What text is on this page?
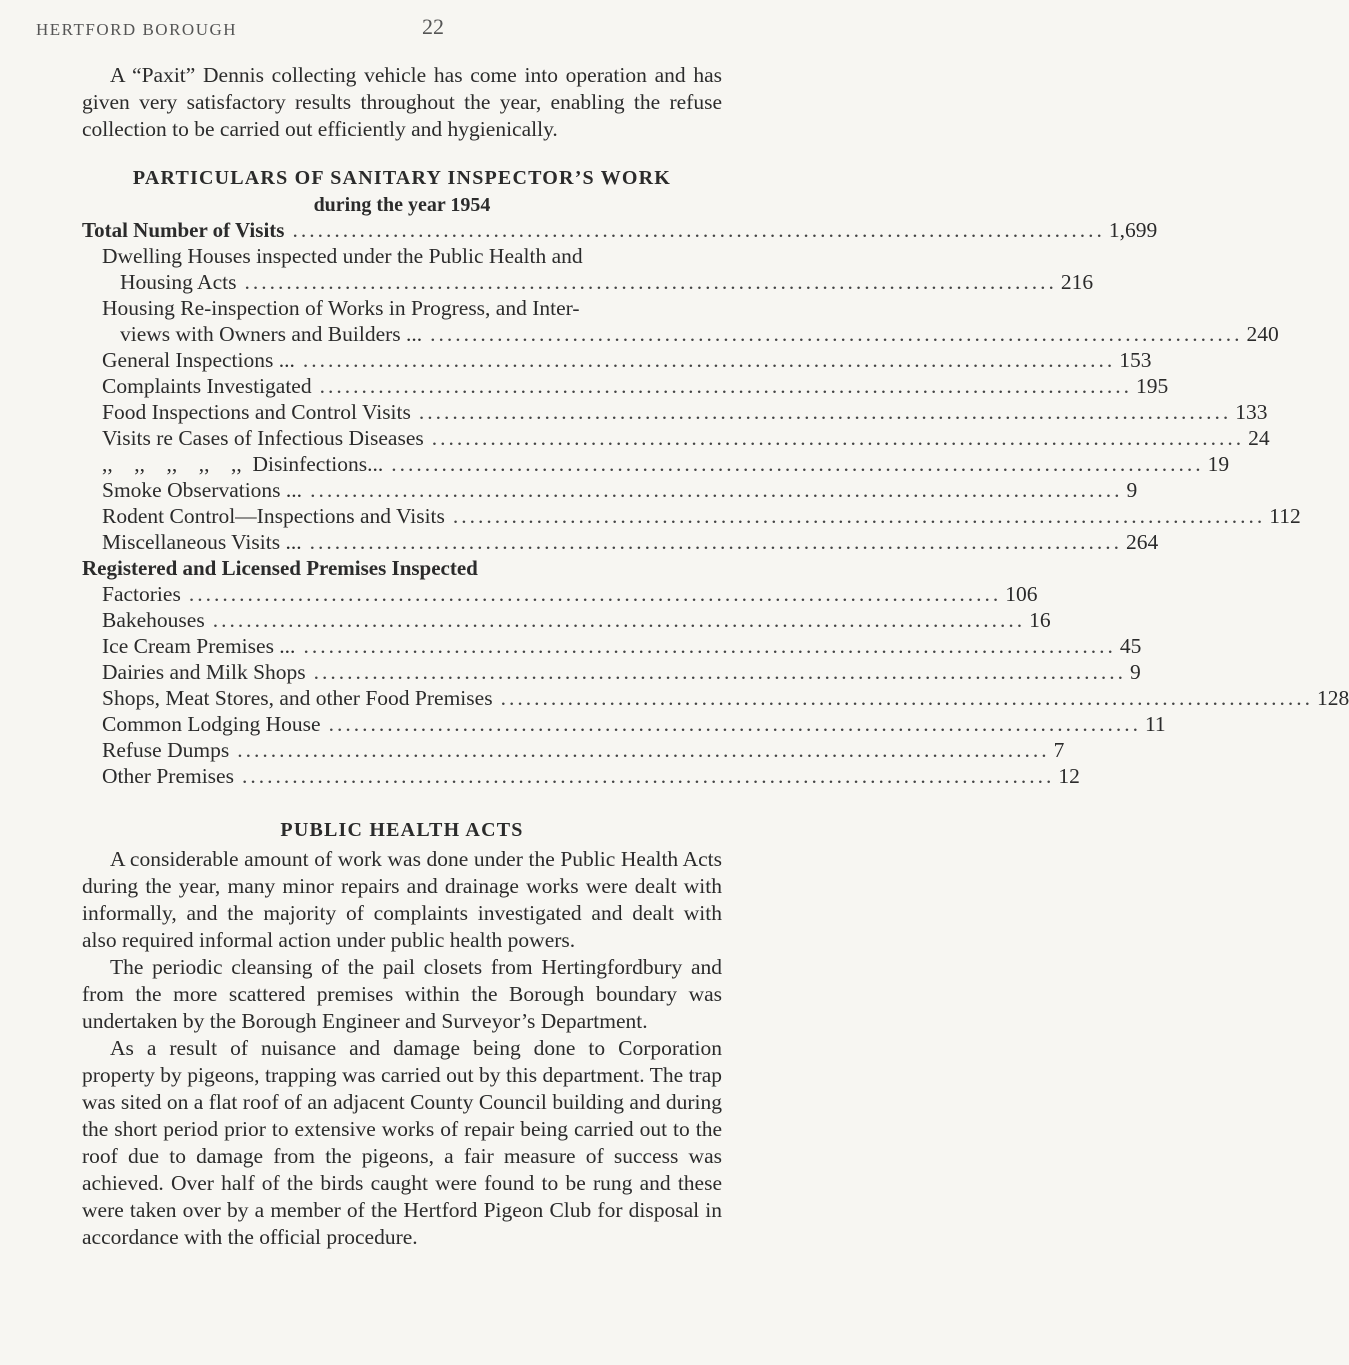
HERTFORD BOROUGH	22

A “Paxit” Dennis collecting vehicle has come into operation and has given very satisfactory results throughout the year, enabling the refuse collection to be carried out efficiently and hygienically.

PARTICULARS OF SANITARY INSPECTOR’S WORK
during the year 1954
Total Number of Visits ................................................................................................. 1,699
Dwelling Houses inspected under the Public Health and
Housing Acts ................................................................................................. 216
Housing Re-inspection of Works in Progress, and Inter-
views with Owners and Builders ... ................................................................................................. 240
General Inspections ... ................................................................................................. 153
Complaints Investigated ................................................................................................. 195
Food Inspections and Control Visits ................................................................................................. 133
Visits re Cases of Infectious Diseases ................................................................................................. 24
,,    ,,    ,,    ,,    ,,  Disinfections... ................................................................................................. 19
Smoke Observations ... ................................................................................................. 9
Rodent Control—Inspections and Visits ................................................................................................. 112
Miscellaneous Visits ... ................................................................................................. 264
Registered and Licensed Premises Inspected
Factories ................................................................................................. 106
Bakehouses ................................................................................................. 16
Ice Cream Premises ... ................................................................................................. 45
Dairies and Milk Shops ................................................................................................. 9
Shops, Meat Stores, and other Food Premises ................................................................................................. 128
Common Lodging House ................................................................................................. 11
Refuse Dumps ................................................................................................. 7
Other Premises ................................................................................................. 12
PUBLIC HEALTH ACTS

A considerable amount of work was done under the Public Health Acts during the year, many minor repairs and drainage works were dealt with informally, and the majority of complaints investigated and dealt with also required informal action under public health powers.

The periodic cleansing of the pail closets from Hertingfordbury and from the more scattered premises within the Borough boundary was undertaken by the Borough Engineer and Surveyor’s Department.

As a result of nuisance and damage being done to Corporation property by pigeons, trapping was carried out by this department. The trap was sited on a flat roof of an adjacent County Council building and during the short period prior to extensive works of repair being carried out to the roof due to damage from the pigeons, a fair measure of success was achieved. Over half of the birds caught were found to be rung and these were taken over by a member of the Hertford Pigeon Club for disposal in accordance with the official procedure.
